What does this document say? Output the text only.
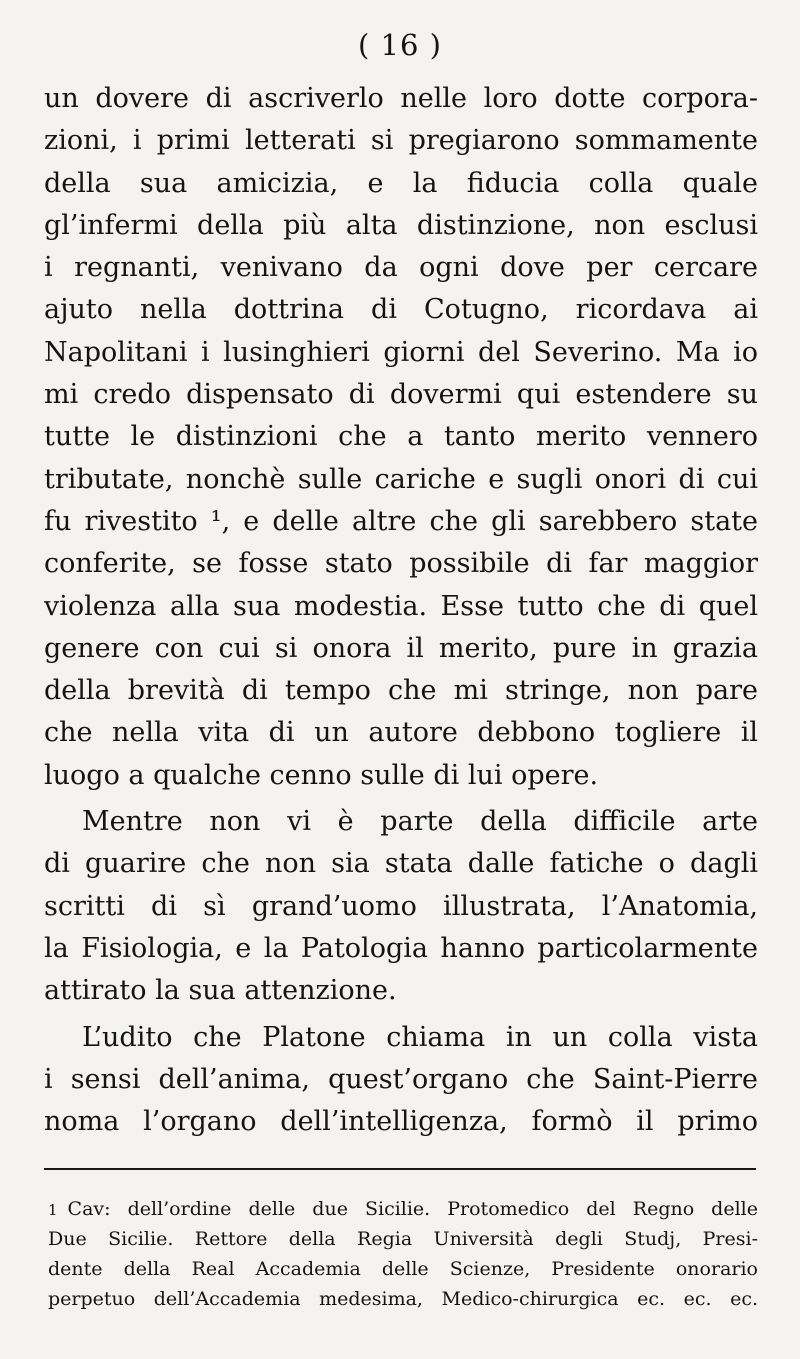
( 16 )
un dovere di ascriverlo nelle loro dotte corpora-
zioni, i primi letterati si pregiarono sommamente
della sua amicizia, e la fiducia colla quale
gl’infermi della più alta distinzione, non esclusi
i regnanti, venivano da ogni dove per cercare
ajuto nella dottrina di Cotugno, ricordava ai
Napolitani i lusinghieri giorni del Severino. Ma io
mi credo dispensato di dovermi qui estendere su
tutte le distinzioni che a tanto merito vennero
tributate, nonchè sulle cariche e sugli onori di cui
fu rivestito ¹, e delle altre che gli sarebbero state
conferite, se fosse stato possibile di far maggior
violenza alla sua modestia. Esse tutto che di quel
genere con cui si onora il merito, pure in grazia
della brevità di tempo che mi stringe, non pare
che nella vita di un autore debbono togliere il
luogo a qualche cenno sulle di lui opere.
Mentre non vi è parte della difficile arte
di guarire che non sia stata dalle fatiche o dagli
scritti di sì grand’uomo illustrata, l’Anatomia,
la Fisiologia, e la Patologia hanno particolarmente
attirato la sua attenzione.
L’udito che Platone chiama in un colla vista
i sensi dell’anima, quest’organo che Saint-Pierre
noma l’organo dell’intelligenza, formò il primo
1 Cav: dell’ordine delle due Sicilie. Protomedico del Regno delle
Due Sicilie. Rettore della Regia Università degli Studj, Presi-
dente della Real Accademia delle Scienze, Presidente onorario
perpetuo dell’Accademia medesima, Medico-chirurgica ec. ec. ec.
